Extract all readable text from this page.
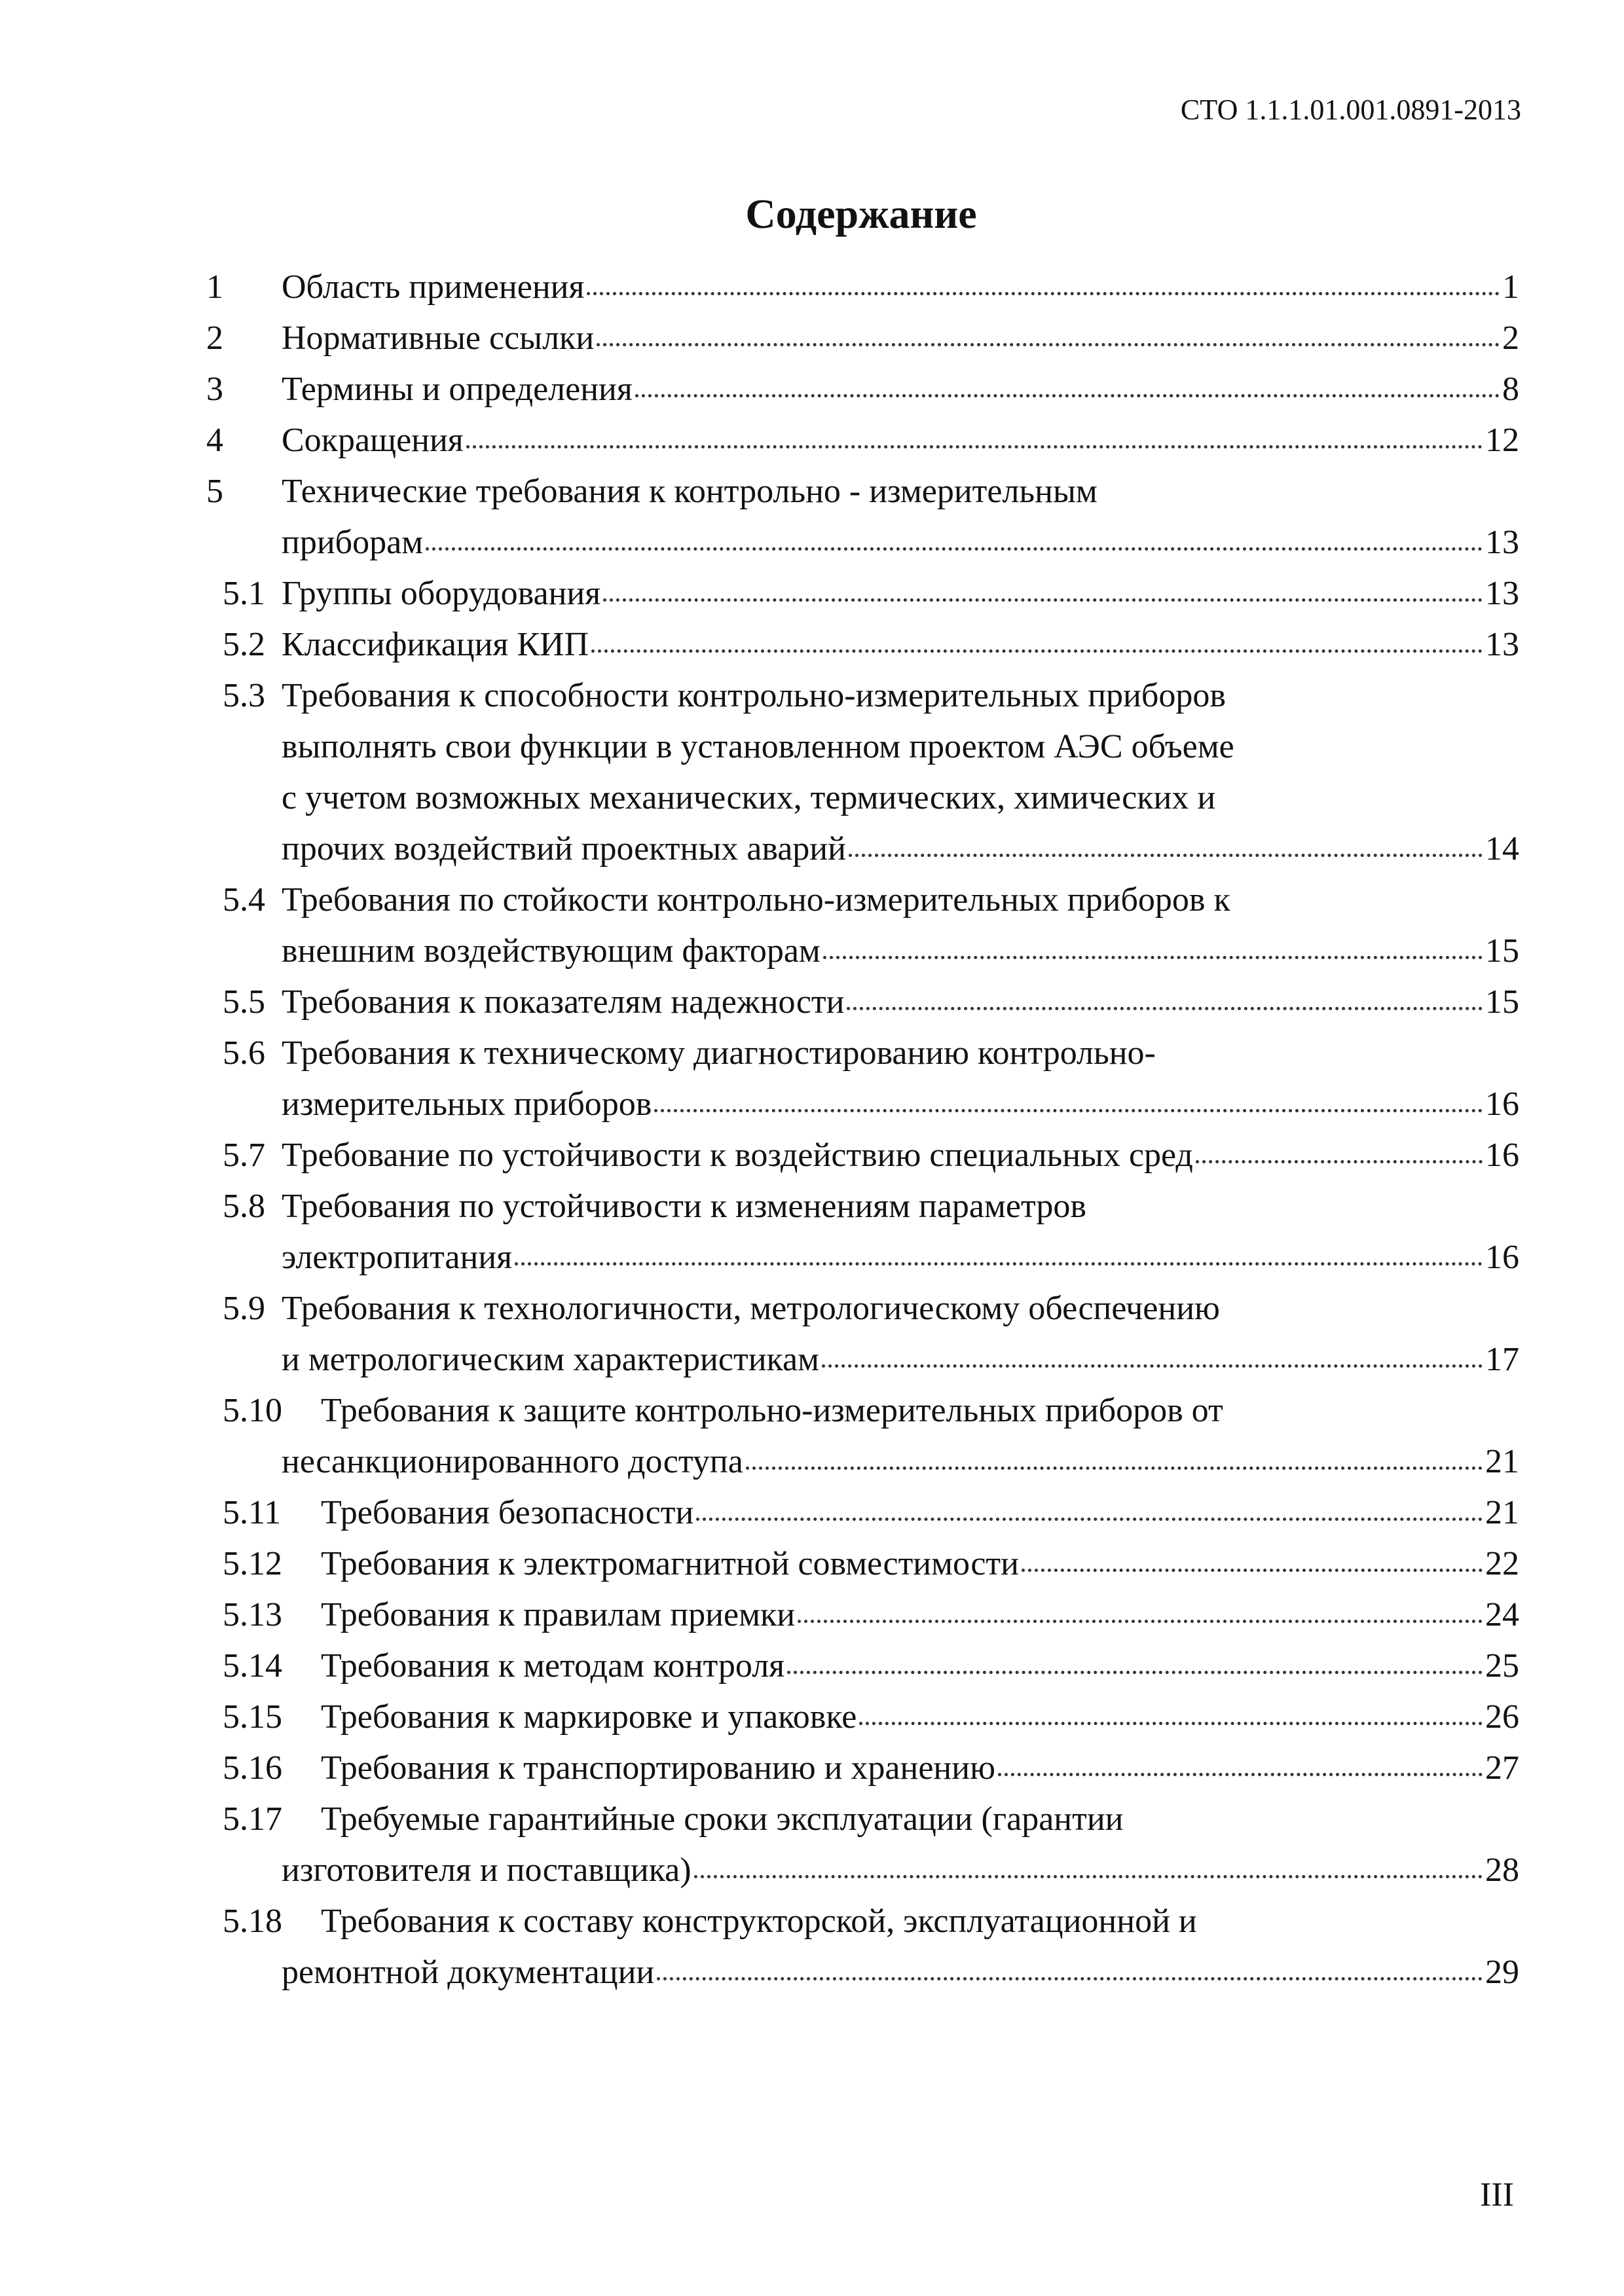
СТО 1.1.1.01.001.0891-2013
Содержание
1 Область применения	1
2 Нормативные ссылки	2
3 Термины и определения	8
4 Сокращения	12
5 Технические требования к контрольно - измерительным
приборам	13
5.1 Группы оборудования	13
5.2 Классификация КИП	13
5.3 Требования к способности контрольно-измерительных приборов
выполнять свои функции в установленном проектом АЭС объеме
с учетом возможных механических, термических, химических и
прочих воздействий проектных аварий	14
5.4 Требования по стойкости контрольно-измерительных приборов к
внешним воздействующим факторам	15
5.5 Требования к показателям надежности	15
5.6 Требования к техническому диагностированию контрольно-
измерительных приборов	16
5.7 Требование по устойчивости к воздействию специальных сред	16
5.8 Требования по устойчивости к изменениям параметров
электропитания	16
5.9 Требования к технологичности, метрологическому обеспечению
и метрологическим характеристикам	17
5.10 Требования к защите контрольно-измерительных приборов от
несанкционированного доступа	21
5.11 Требования безопасности	21
5.12 Требования к электромагнитной совместимости	22
5.13 Требования к правилам приемки	24
5.14 Требования к методам контроля	25
5.15 Требования к маркировке и упаковке	26
5.16 Требования к транспортированию и хранению	27
5.17 Требуемые гарантийные сроки эксплуатации (гарантии
изготовителя и поставщика)	28
5.18 Требования к составу конструкторской, эксплуатационной и
ремонтной документации	29
III
